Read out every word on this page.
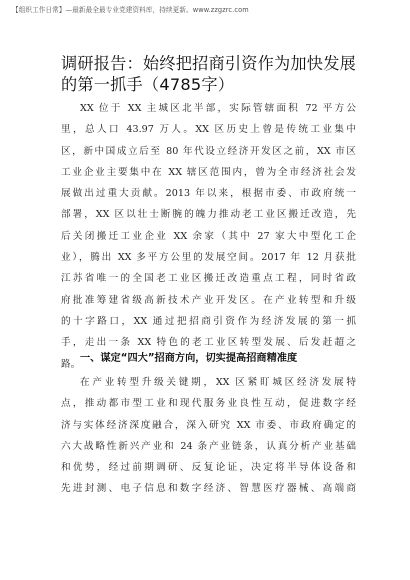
【组织工作日常】—最新最全最专业党建资料库，持续更新。www.zzgzrc.com
调研报告：始终把招商引资作为加快发展
的第一抓手（4785字）
XX 位于 XX 主城区北半部，实际管辖面积 72 平方公
里，总人口 43.97 万人。XX 区历史上曾是传统工业集中
区，新中国成立后至 80 年代设立经济开发区之前，XX 市区
工业企业主要集中在 XX 辖区范围内，曾为全市经济社会发
展做出过重大贡献。2013 年以来，根据市委、市政府统一
部署，XX 区以壮士断腕的魄力推动老工业区搬迁改造，先
后关闭搬迁工业企业 XX 余家（其中 27 家大中型化工企
业），腾出 XX 多平方公里的发展空间。2017 年 12 月获批
江苏省唯一的全国老工业区搬迁改造重点工程，同时省政
府批准筹建省级高新技术产业开发区。在产业转型和升级
的十字路口，XX 通过把招商引资作为经济发展的第一抓
手，走出一条 XX 特色的老工业区转型发展、后发赶超之
路。
一、谋定“四大”招商方向，切实提高招商精准度
在产业转型升级关键期，XX 区紧盯城区经济发展特
点，推动都市型工业和现代服务业良性互动，促进数字经
济与实体经济深度融合，深入研究 XX 市委、市政府确定的
六大战略性新兴产业和 24 条产业链条，认真分析产业基础
和优势，经过前期调研、反复论证，决定将半导体设备和
先进封测、电子信息和数字经济、智慧医疗器械、高端商
